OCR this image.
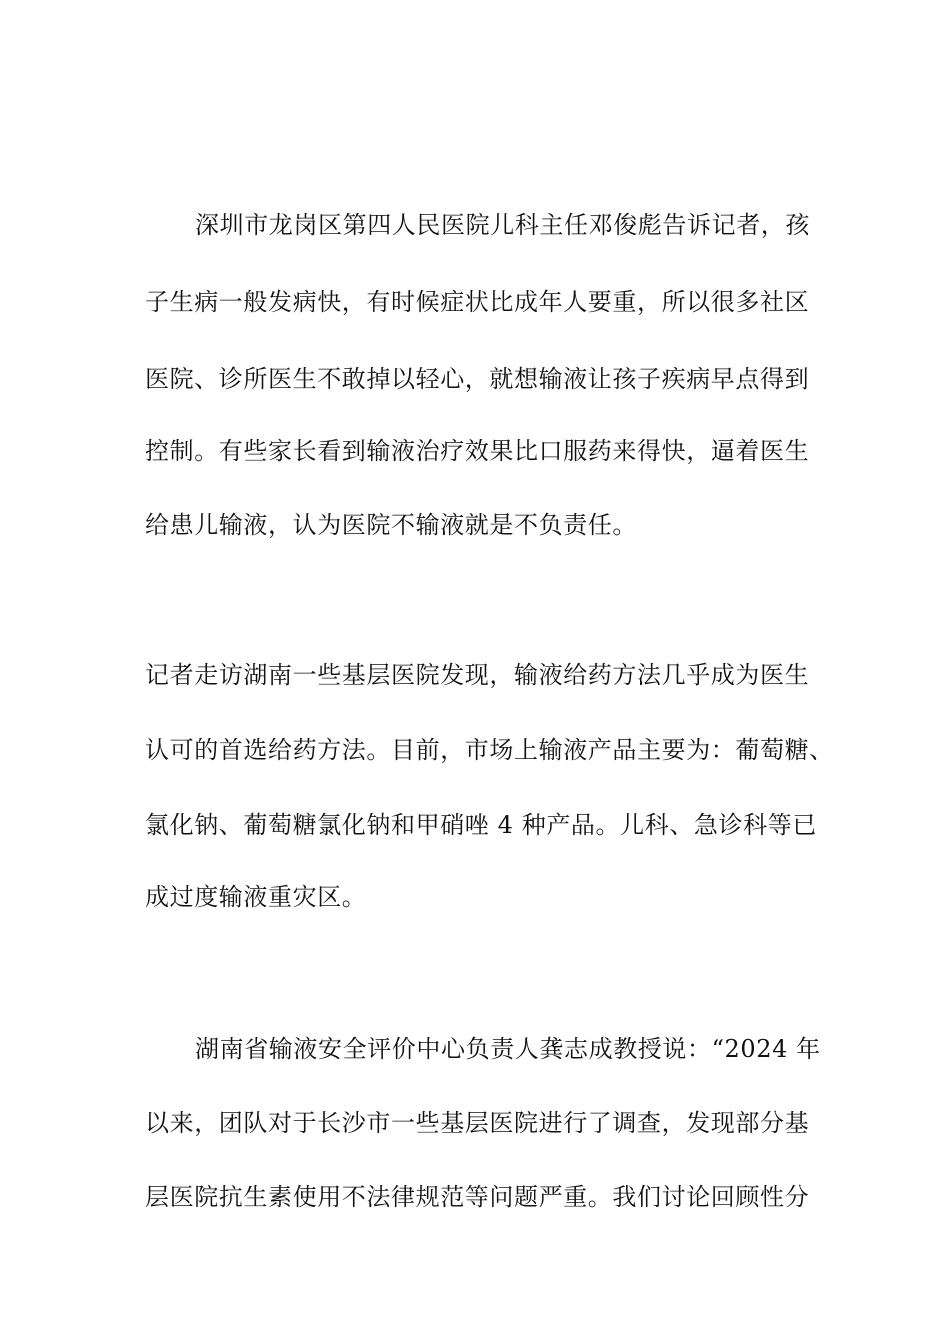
深圳市龙岗区第四人民医院儿科主任邓俊彪告诉记者，孩
子生病一般发病快，有时候症状比成年人要重，所以很多社区
医院、诊所医生不敢掉以轻心，就想输液让孩子疾病早点得到
控制。有些家长看到输液治疗效果比口服药来得快，逼着医生
给患儿输液，认为医院不输液就是不负责任。
记者走访湖南一些基层医院发现，输液给药方法几乎成为医生
认可的首选给药方法。目前，市场上输液产品主要为：葡萄糖、
氯化钠、葡萄糖氯化钠和甲硝唑 4 种产品。儿科、急诊科等已
成过度输液重灾区。
湖南省输液安全评价中心负责人龚志成教授说：“2024 年
以来，团队对于长沙市一些基层医院进行了调查，发现部分基
层医院抗生素使用不法律规范等问题严重。我们讨论回顾性分
